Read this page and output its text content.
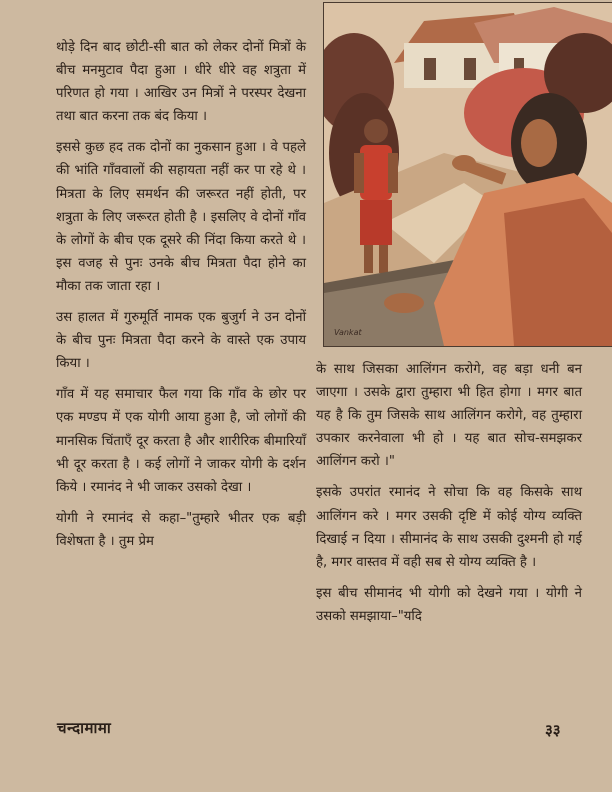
थोड़े दिन बाद छोटी-सी बात को लेकर दोनों मित्रों के बीच मनमुटाव पैदा हुआ । धीरे धीरे वह शत्रुता में परिणत हो गया । आखिर उन मित्रों ने परस्पर देखना तथा बात करना तक बंद किया ।

इससे कुछ हद तक दोनों का नुकसान हुआ । वे पहले की भांति गाँववालों की सहायता नहीं कर पा रहे थे । मित्रता के लिए समर्थन की जरूरत नहीं होती, पर शत्रुता के लिए जरूरत होती है । इसलिए वे दोनों गाँव के लोगों के बीच एक दूसरे की निंदा किया करते थे । इस वजह से पुनः उनके बीच मित्रता पैदा होने का मौका तक जाता रहा ।

उस हालत में गुरुमूर्ति नामक एक बुजुर्ग ने उन दोनों के बीच पुनः मित्रता पैदा करने के वास्ते एक उपाय किया ।

गाँव में यह समाचार फैल गया कि गाँव के छोर पर एक मण्डप में एक योगी आया हुआ है, जो लोगों की मानसिक चिंताएँ दूर करता है और शारीरिक बीमारियाँ भी दूर करता है । कई लोगों ने जाकर योगी के दर्शन किये । रमानंद ने भी जाकर उसको देखा ।

योगी ने रमानंद से कहा–"तुम्हारे भीतर एक बड़ी विशेषता है । तुम प्रेम

Vankat

के साथ जिसका आलिंगन करोगे, वह बड़ा धनी बन जाएगा । उसके द्वारा तुम्हारा भी हित होगा । मगर बात यह है कि तुम जिसके साथ आलिंगन करोगे, वह तुम्हारा उपकार करनेवाला भी हो । यह बात सोच-समझकर आलिंगन करो ।"

इसके उपरांत रमानंद ने सोचा कि वह किसके साथ आलिंगन करे । मगर उसकी दृष्टि में कोई योग्य व्यक्ति दिखाई न दिया । सीमानंद के साथ उसकी दुश्मनी हो गई है, मगर वास्तव में वही सब से योग्य व्यक्ति है ।

इस बीच सीमानंद भी योगी को देखने गया । योगी ने उसको समझाया–"यदि

चन्दामामा	३३
